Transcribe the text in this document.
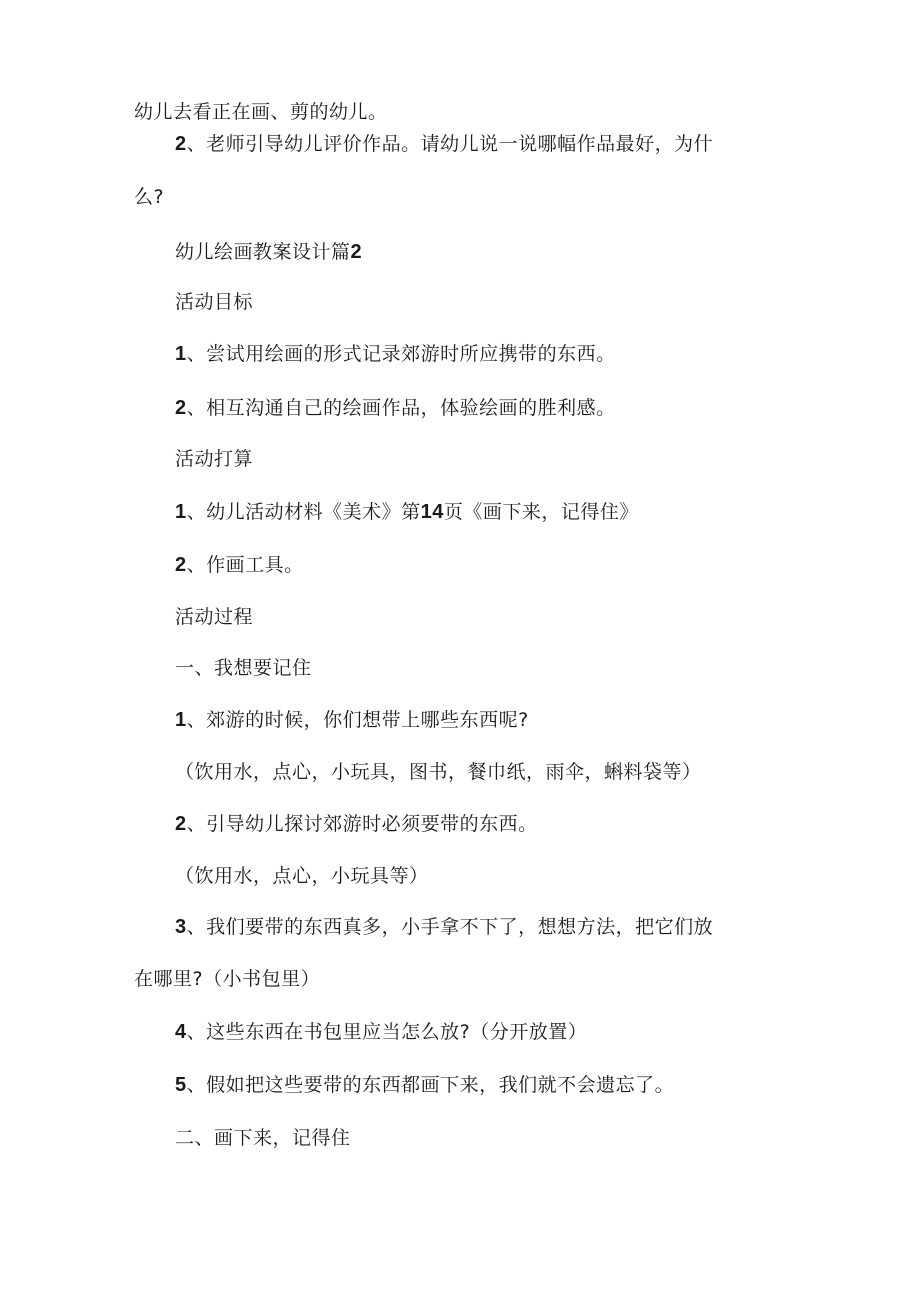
幼儿去看正在画、剪的幼儿。
2、老师引导幼儿评价作品。请幼儿说一说哪幅作品最好，为什
么?
幼儿绘画教案设计篇2
活动目标
1、尝试用绘画的形式记录郊游时所应携带的东西。
2、相互沟通自己的绘画作品，体验绘画的胜利感。
活动打算
1、幼儿活动材料《美术》第14页《画下来，记得住》
2、作画工具。
活动过程
一、我想要记住
1、郊游的时候，你们想带上哪些东西呢?
（饮用水，点心，小玩具，图书，餐巾纸，雨伞，蝌料袋等）
2、引导幼儿探讨郊游时必须要带的东西。
（饮用水，点心，小玩具等）
3、我们要带的东西真多，小手拿不下了，想想方法，把它们放
在哪里?（小书包里）
4、这些东西在书包里应当怎么放?（分开放置）
5、假如把这些要带的东西都画下来，我们就不会遗忘了。
二、画下来，记得住
